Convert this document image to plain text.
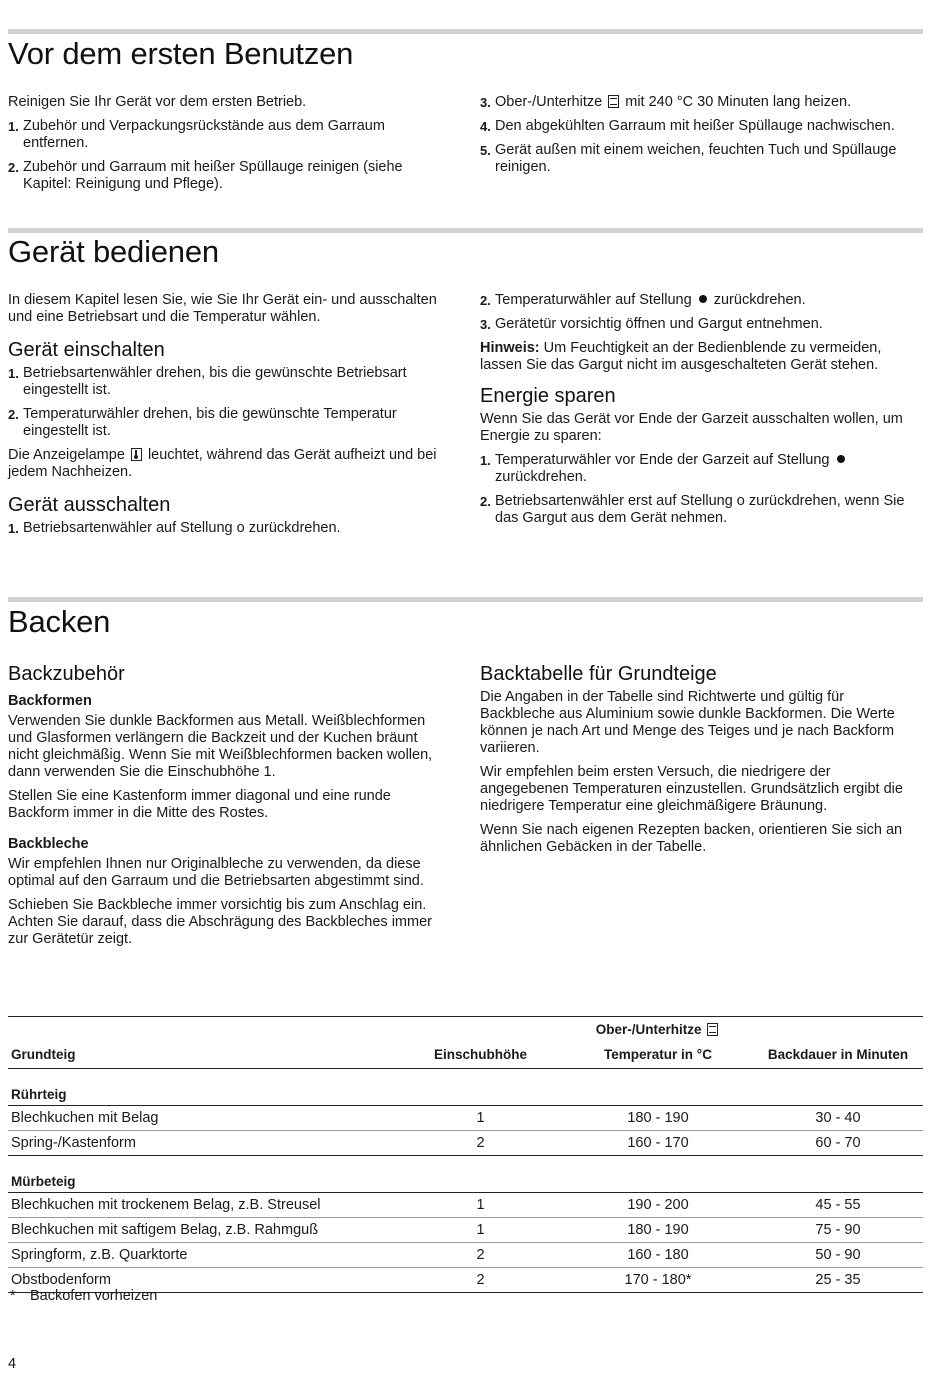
Vor dem ersten Benutzen

Reinigen Sie Ihr Gerät vor dem ersten Betrieb.

1. Zubehör und Verpackungsrückstände aus dem Garraum entfernen.
2. Zubehör und Garraum mit heißer Spüllauge reinigen (siehe Kapitel: Reinigung und Pflege).
3. Ober-/Unterhitze mit 240 °C 30 Minuten lang heizen.
4. Den abgekühlten Garraum mit heißer Spüllauge nachwischen.
5. Gerät außen mit einem weichen, feuchten Tuch und Spüllauge reinigen.
Gerät bedienen

In diesem Kapitel lesen Sie, wie Sie Ihr Gerät ein- und ausschalten und eine Betriebsart und die Temperatur wählen.

Gerät einschalten
1. Betriebsartenwähler drehen, bis die gewünschte Betriebsart eingestellt ist.
2. Temperaturwähler drehen, bis die gewünschte Temperatur eingestellt ist.

Die Anzeigelampe leuchtet, während das Gerät aufheizt und bei jedem Nachheizen.

Gerät ausschalten
1. Betriebsartenwähler auf Stellung o zurückdrehen.
2. Temperaturwähler auf Stellung zurückdrehen.
3. Gerätetür vorsichtig öffnen und Gargut entnehmen.

Hinweis: Um Feuchtigkeit an der Bedienblende zu vermeiden, lassen Sie das Gargut nicht im ausgeschalteten Gerät stehen.

Energie sparen

Wenn Sie das Gerät vor Ende der Garzeit ausschalten wollen, um Energie zu sparen:

1. Temperaturwähler vor Ende der Garzeit auf Stellung  zurückdrehen.
2. Betriebsartenwähler erst auf Stellung o zurückdrehen, wenn Sie das Gargut aus dem Gerät nehmen.
Backen
Backzubehör
Backformen

Verwenden Sie dunkle Backformen aus Metall. Weißblechformen und Glasformen verlängern die Backzeit und der Kuchen bräunt nicht gleichmäßig. Wenn Sie mit Weißblechformen backen wollen, dann verwenden Sie die Einschubhöhe 1.

Stellen Sie eine Kastenform immer diagonal und eine runde Backform immer in die Mitte des Rostes.

Backbleche

Wir empfehlen Ihnen nur Originalbleche zu verwenden, da diese optimal auf den Garraum und die Betriebsarten abgestimmt sind.

Schieben Sie Backbleche immer vorsichtig bis zum Anschlag ein. Achten Sie darauf, dass die Abschrägung des Backbleches immer zur Gerätetür zeigt.

Backtabelle für Grundteige

Die Angaben in der Tabelle sind Richtwerte und gültig für Backbleche aus Aluminium sowie dunkle Backformen. Die Werte können je nach Art und Menge des Teiges und je nach Backform variieren.

Wir empfehlen beim ersten Versuch, die niedrigere der angegebenen Temperaturen einzustellen. Grundsätzlich ergibt die niedrigere Temperatur eine gleichmäßigere Bräunung.

Wenn Sie nach eigenen Rezepten backen, orientieren Sie sich an ähnlichen Gebäcken in der Tabelle.

		Ober-/Unterhitze	
Grundteig	Einschubhöhe	Temperatur in °C	Backdauer in Minuten
Rührteig			
Blechkuchen mit Belag	1	180 - 190	30 - 40
Spring-/Kastenform	2	160 - 170	60 - 70
Mürbeteig			
Blechkuchen mit trockenem Belag, z.B. Streusel	1	190 - 200	45 - 55
Blechkuchen mit saftigem Belag, z.B. Rahmguß	1	180 - 190	75 - 90
Springform, z.B. Quarktorte	2	160 - 180	50 - 90
Obstbodenform	2	170 - 180*	25 - 35
* Backofen vorheizen
4
